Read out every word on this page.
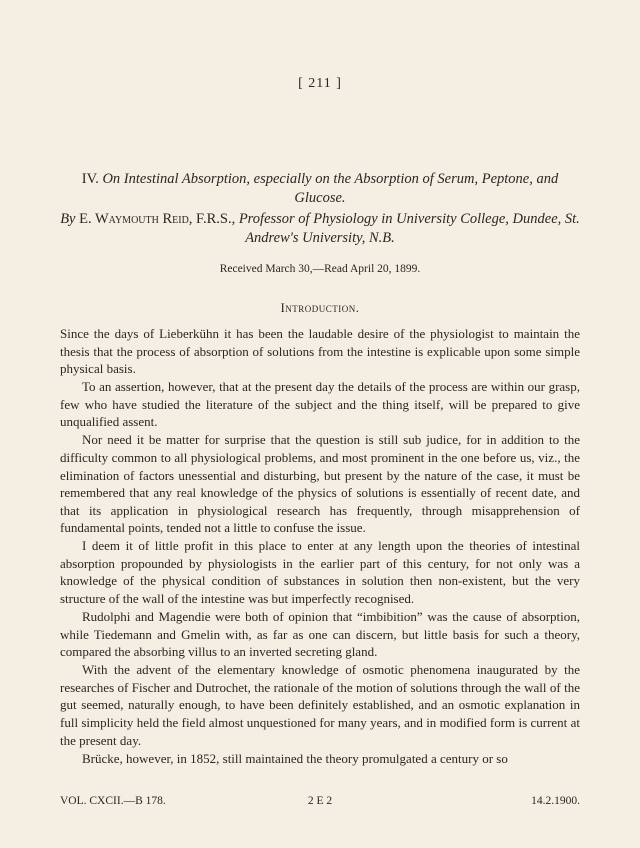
[ 211 ]
IV. On Intestinal Absorption, especially on the Absorption of Serum, Peptone, and Glucose.
By E. Waymouth Reid, F.R.S., Professor of Physiology in University College, Dundee, St. Andrew's University, N.B.
Received March 30,—Read April 20, 1899.
Introduction.

Since the days of Lieberkühn it has been the laudable desire of the physiologist to maintain the thesis that the process of absorption of solutions from the intestine is explicable upon some simple physical basis.

To an assertion, however, that at the present day the details of the process are within our grasp, few who have studied the literature of the subject and the thing itself, will be prepared to give unqualified assent.

Nor need it be matter for surprise that the question is still sub judice, for in addition to the difficulty common to all physiological problems, and most prominent in the one before us, viz., the elimination of factors unessential and disturbing, but present by the nature of the case, it must be remembered that any real knowledge of the physics of solutions is essentially of recent date, and that its application in physiological research has frequently, through misapprehension of fundamental points, tended not a little to confuse the issue.

I deem it of little profit in this place to enter at any length upon the theories of intestinal absorption propounded by physiologists in the earlier part of this century, for not only was a knowledge of the physical condition of substances in solution then non-existent, but the very structure of the wall of the intestine was but imperfectly recognised.

Rudolphi and Magendie were both of opinion that “imbibition” was the cause of absorption, while Tiedemann and Gmelin with, as far as one can discern, but little basis for such a theory, compared the absorbing villus to an inverted secreting gland.

With the advent of the elementary knowledge of osmotic phenomena inaugurated by the researches of Fischer and Dutrochet, the rationale of the motion of solutions through the wall of the gut seemed, naturally enough, to have been definitely established, and an osmotic explanation in full simplicity held the field almost unquestioned for many years, and in modified form is current at the present day.

Brücke, however, in 1852, still maintained the theory promulgated a century or so

VOL. CXCII.—B 178.	2 E 2	14.2.1900.
